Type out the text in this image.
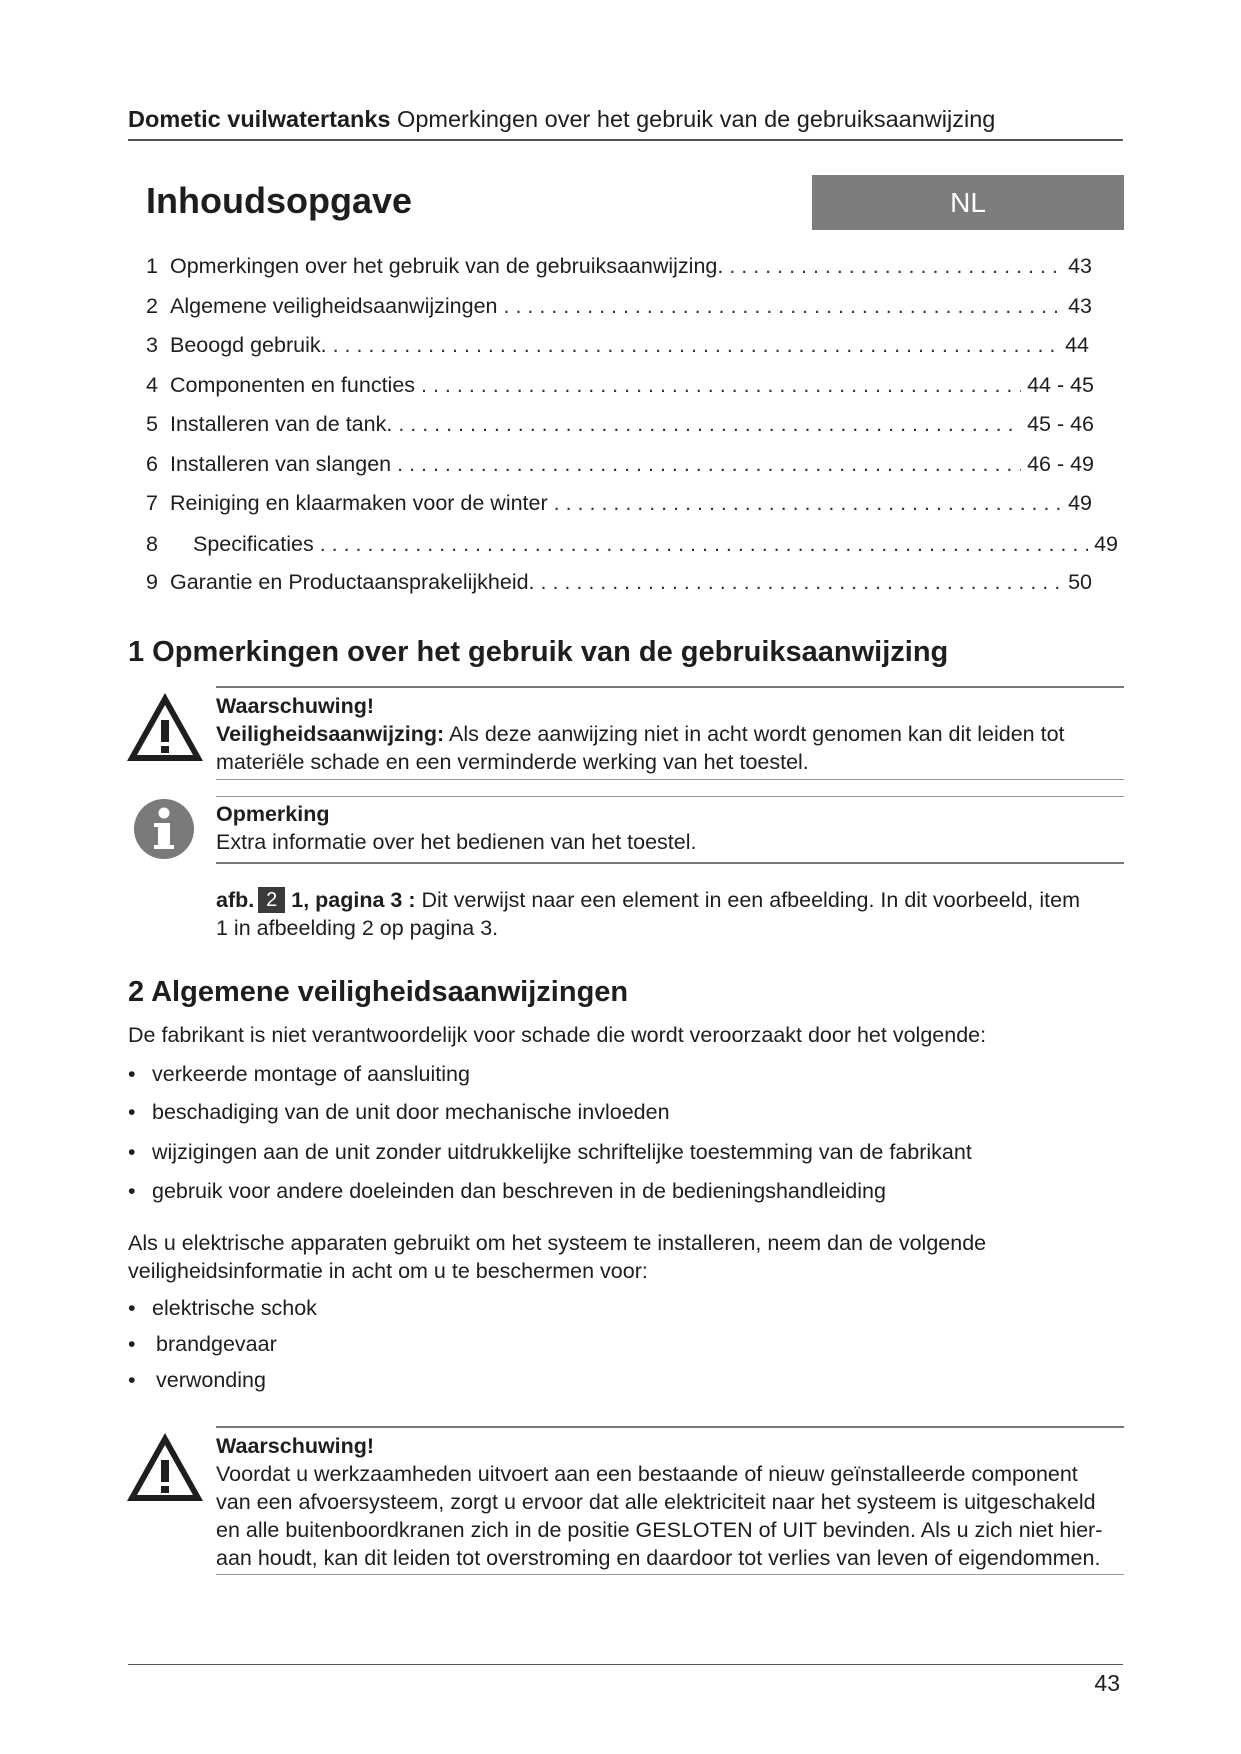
Dometic vuilwatertanks Opmerkingen over het gebruik van de gebruiksaanwijzing
Inhoudsopgave	NL
1 Opmerkingen over het gebruik van de gebruiksaanwijzing. . . .	43
2 Algemene veiligheidsaanwijzingen . . .	43
3 Beoogd gebruik. . . .	44
4 Componenten en functies . . .	44 - 45
5 Installeren van de tank. . . .	45 - 46
6 Installeren van slangen . . .	46 - 49
7 Reiniging en klaarmaken voor de winter . . .	49
8	Specificaties . . .	49
9 Garantie en Productaansprakelijkheid. . . .	50
1 Opmerkingen over het gebruik van de gebruiksaanwijzing
Waarschuwing!
Veiligheidsaanwijzing: Als deze aanwijzing niet in acht wordt genomen kan dit leiden tot materiële schade en een verminderde werking van het toestel.
Opmerking
Extra informatie over het bedienen van het toestel.
afb. 2 1, pagina 3 : Dit verwijst naar een element in een afbeelding. In dit voorbeeld, item 1 in afbeelding 2 op pagina 3.
2 Algemene veiligheidsaanwijzingen
De fabrikant is niet verantwoordelijk voor schade die wordt veroorzaakt door het volgende:
• verkeerde montage of aansluiting
• beschadiging van de unit door mechanische invloeden
• wijzigingen aan de unit zonder uitdrukkelijke schriftelijke toestemming van de fabrikant
• gebruik voor andere doeleinden dan beschreven in de bedieningshandleiding
Als u elektrische apparaten gebruikt om het systeem te installeren, neem dan de volgende veiligheidsinformatie in acht om u te beschermen voor:
• elektrische schok
• brandgevaar
• verwonding
Waarschuwing!
Voordat u werkzaamheden uitvoert aan een bestaande of nieuw geïnstalleerde component van een afvoersysteem, zorgt u ervoor dat alle elektriciteit naar het systeem is uitgeschakeld en alle buitenboordkranen zich in de positie GESLOTEN of UIT bevinden. Als u zich niet hier-aan houdt, kan dit leiden tot overstroming en daardoor tot verlies van leven of eigendommen.
43
